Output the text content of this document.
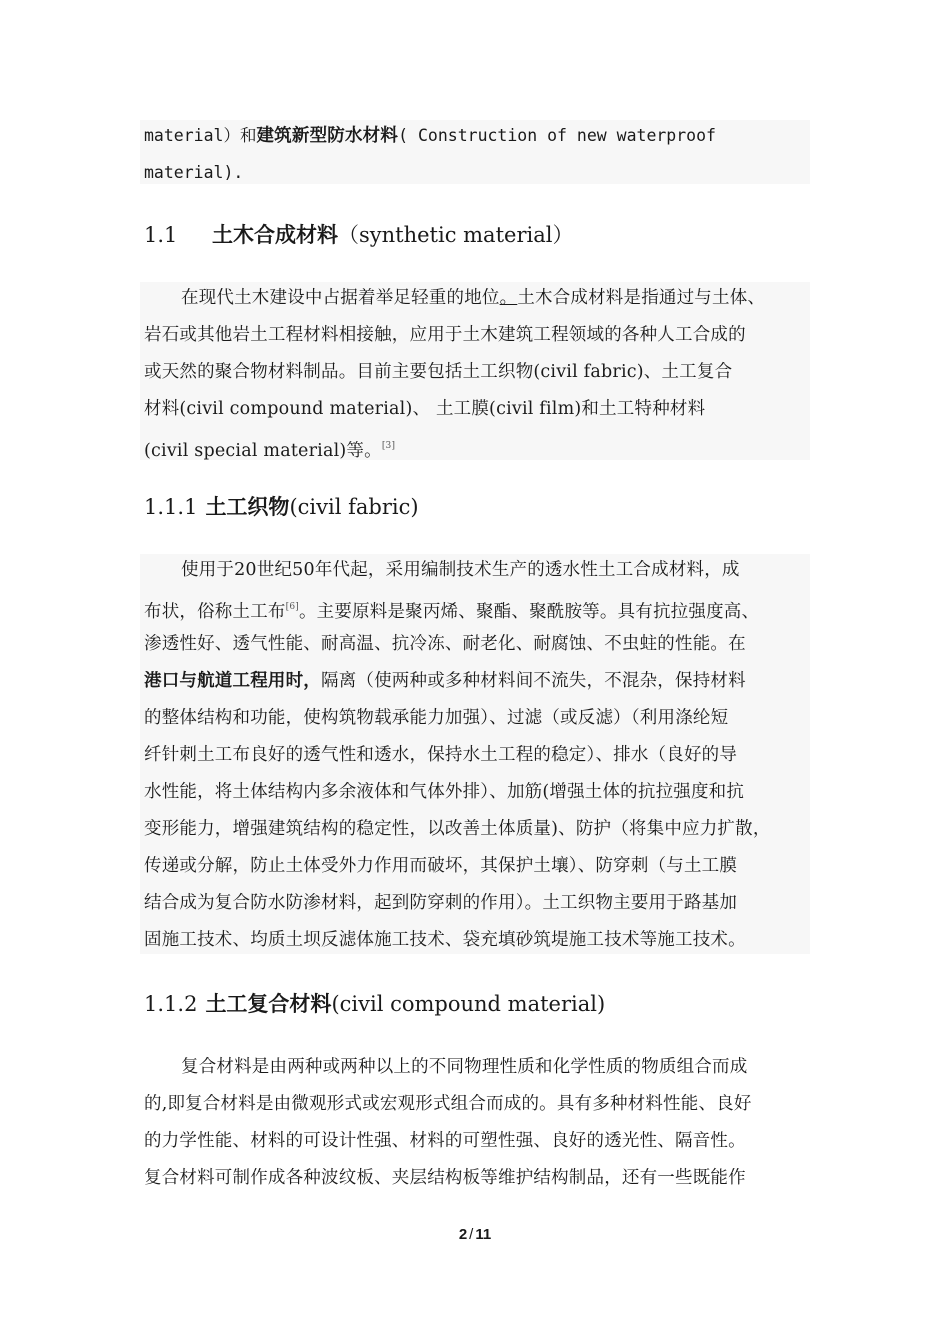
material）和建筑新型防水材料( Construction of new waterproof
material).
1.1 土木合成材料（synthetic material）
在现代土木建设中占据着举足轻重的地位。土木合成材料是指通过与土体、
岩石或其他岩土工程材料相接触，应用于土木建筑工程领域的各种人工合成的
或天然的聚合物材料制品。目前主要包括土工织物(civil fabric)、土工复合
材料(civil compound material)、 土工膜(civil film)和土工特种材料
(civil special material)等。[3]
1.1.1 土工织物(civil fabric)
使用于20世纪50年代起，采用编制技术生产的透水性土工合成材料，成
布状，俗称土工布[6]。主要原料是聚丙烯、聚酯、聚酰胺等。具有抗拉强度高、
渗透性好、透气性能、耐高温、抗冷冻、耐老化、耐腐蚀、不虫蛀的性能。在
港口与航道工程用时，隔离（使两种或多种材料间不流失，不混杂，保持材料
的整体结构和功能，使构筑物载承能力加强）、过滤（或反滤）（利用涤纶短
纤针刺土工布良好的透气性和透水，保持水土工程的稳定）、排水（良好的导
水性能，将土体结构内多余液体和气体外排）、加筋(增强土体的抗拉强度和抗
变形能力，增强建筑结构的稳定性，以改善土体质量)、防护（将集中应力扩散，
传递或分解，防止土体受外力作用而破坏，其保护土壤）、防穿刺（与土工膜
结合成为复合防水防渗材料，起到防穿刺的作用）。土工织物主要用于路基加
固施工技术、均质土坝反滤体施工技术、袋充填砂筑堤施工技术等施工技术。
1.1.2 土工复合材料(civil compound material)
复合材料是由两种或两种以上的不同物理性质和化学性质的物质组合而成
的,即复合材料是由微观形式或宏观形式组合而成的。具有多种材料性能、良好
的力学性能、材料的可设计性强、材料的可塑性强、良好的透光性、隔音性。
复合材料可制作成各种波纹板、夹层结构板等维护结构制品，还有一些既能作
2 / 11
